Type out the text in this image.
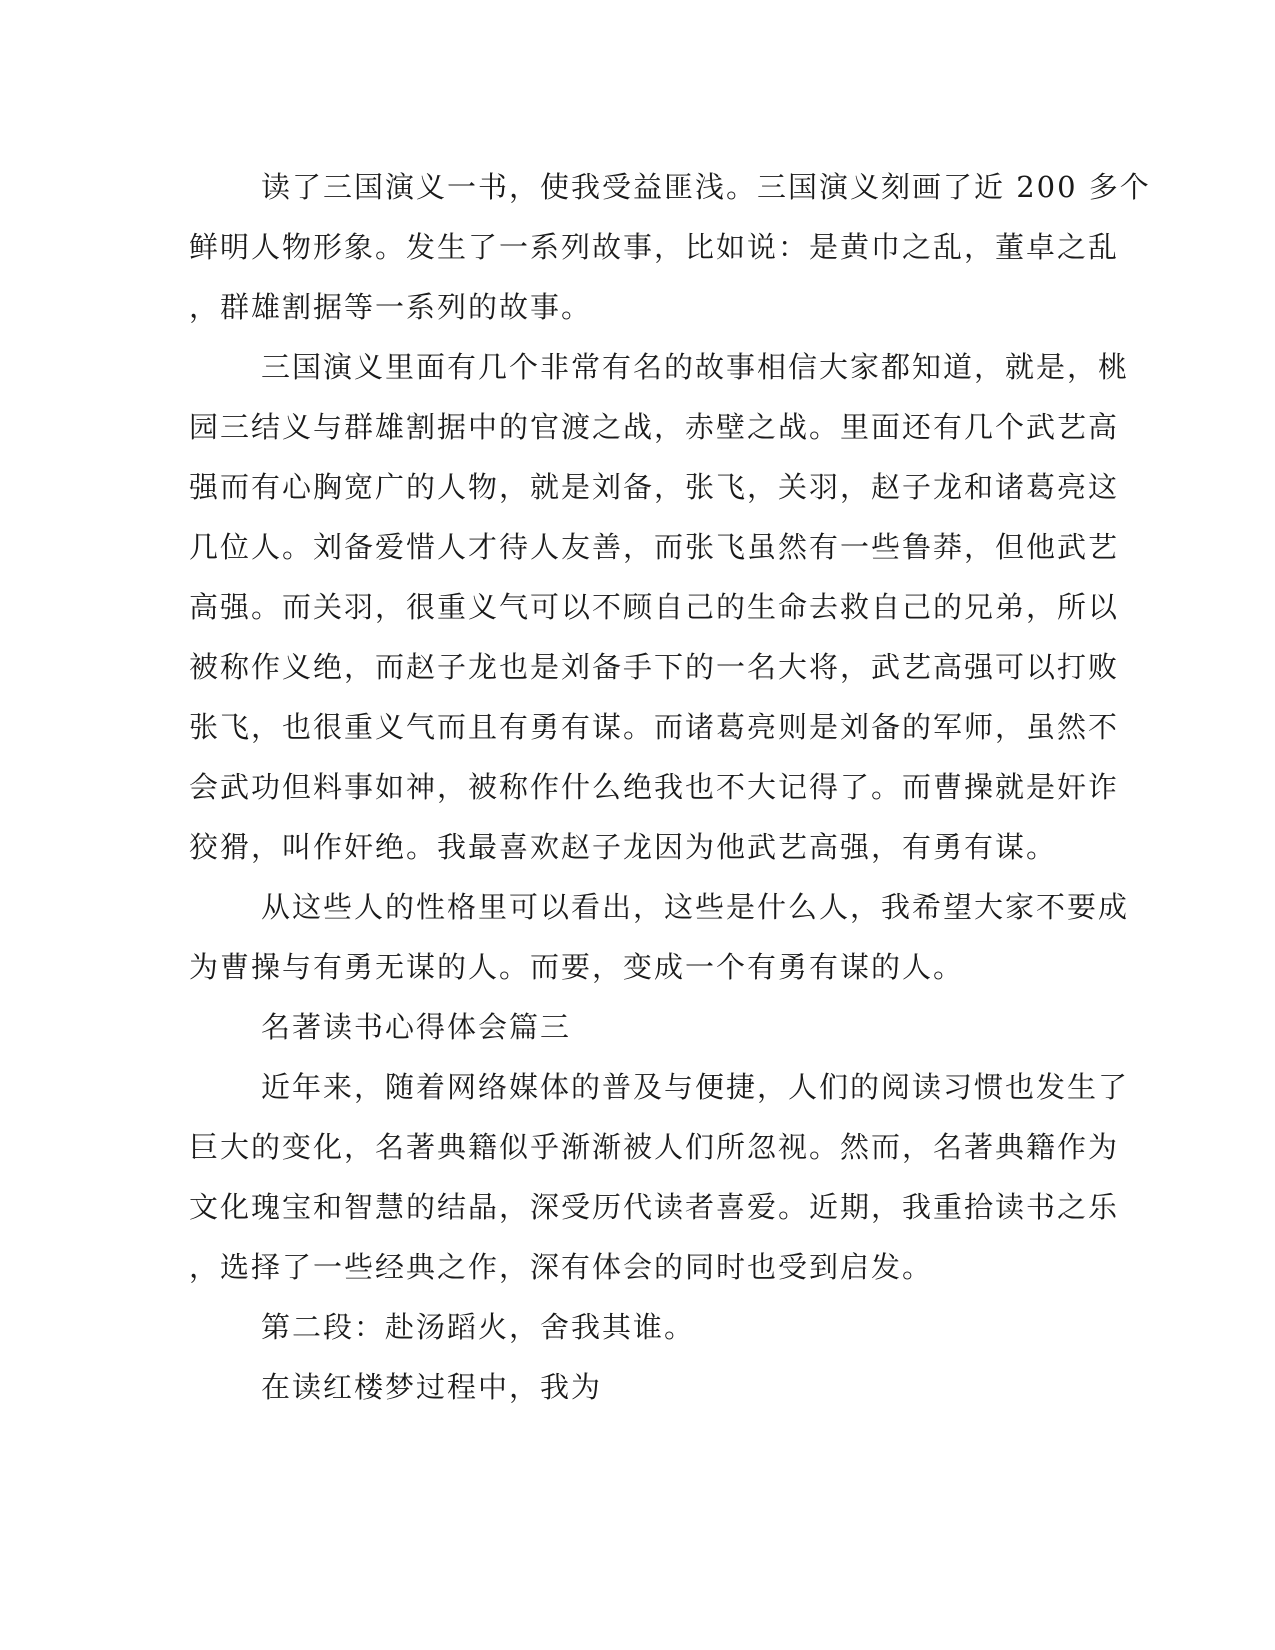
读了三国演义一书，使我受益匪浅。三国演义刻画了近 200 多个
鲜明人物形象。发生了一系列故事，比如说：是黄巾之乱，董卓之乱
，群雄割据等一系列的故事。
三国演义里面有几个非常有名的故事相信大家都知道，就是，桃
园三结义与群雄割据中的官渡之战，赤壁之战。里面还有几个武艺高
强而有心胸宽广的人物，就是刘备，张飞，关羽，赵子龙和诸葛亮这
几位人。刘备爱惜人才待人友善，而张飞虽然有一些鲁莽，但他武艺
高强。而关羽，很重义气可以不顾自己的生命去救自己的兄弟，所以
被称作义绝，而赵子龙也是刘备手下的一名大将，武艺高强可以打败
张飞，也很重义气而且有勇有谋。而诸葛亮则是刘备的军师，虽然不
会武功但料事如神，被称作什么绝我也不大记得了。而曹操就是奸诈
狡猾，叫作奸绝。我最喜欢赵子龙因为他武艺高强，有勇有谋。
从这些人的性格里可以看出，这些是什么人，我希望大家不要成
为曹操与有勇无谋的人。而要，变成一个有勇有谋的人。
名著读书心得体会篇三
近年来，随着网络媒体的普及与便捷，人们的阅读习惯也发生了
巨大的变化，名著典籍似乎渐渐被人们所忽视。然而，名著典籍作为
文化瑰宝和智慧的结晶，深受历代读者喜爱。近期，我重拾读书之乐
，选择了一些经典之作，深有体会的同时也受到启发。
第二段：赴汤蹈火，舍我其谁。
在读红楼梦过程中，我为
